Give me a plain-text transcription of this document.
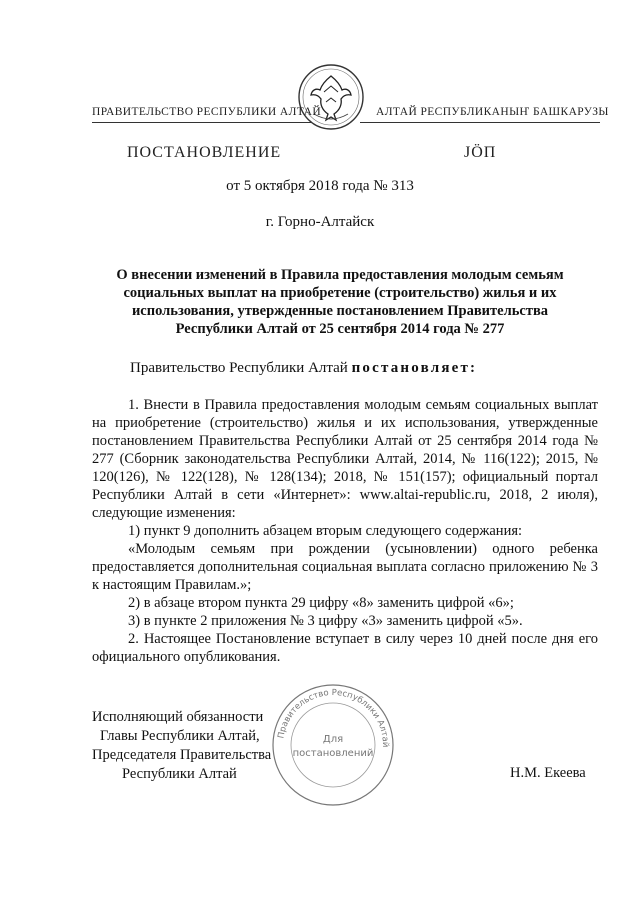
ПРАВИТЕЛЬСТВО РЕСПУБЛИКИ АЛТАЙ	АЛТАЙ РЕСПУБЛИКАНЫҤ БАШКАРУЗЫ
ПОСТАНОВЛЕНИЕ	ЈӦП
от 5 октября 2018 года № 313
г. Горно-Алтайск
О внесении изменений в Правила предоставления молодым семьям социальных выплат на приобретение (строительство) жилья и их использования, утвержденные постановлением Правительства Республики Алтай от 25 сентября 2014 года № 277
Правительство Республики Алтай постановляет:

1. Внести в Правила предоставления молодым семьям социальных выплат на приобретение (строительство) жилья и их использования, утвержденные постановлением Правительства Республики Алтай от 25 сентября 2014 года № 277 (Сборник законодательства Республики Алтай, 2014, № 116(122); 2015, № 120(126), № 122(128), № 128(134); 2018, № 151(157); официальный портал Республики Алтай в сети «Интернет»: www.altai-republic.ru, 2018, 2 июля), следующие изменения:

1) пункт 9 дополнить абзацем вторым следующего содержания:

«Молодым семьям при рождении (усыновлении) одного ребенка предоставляется дополнительная социальная выплата согласно приложению № 3 к настоящим Правилам.»;

2) в абзаце втором пункта 29 цифру «8» заменить цифрой «6»;

3) в пункте 2 приложения № 3 цифру «3» заменить цифрой «5».

2. Настоящее Постановление вступает в силу через 10 дней после дня его официального опубликования.

Исполняющий обязанности
Главы Республики Алтай,
Председателя Правительства
Республики Алтай	Н.М. Екеева
Правительство Республики Алтай
Для
постановлений
